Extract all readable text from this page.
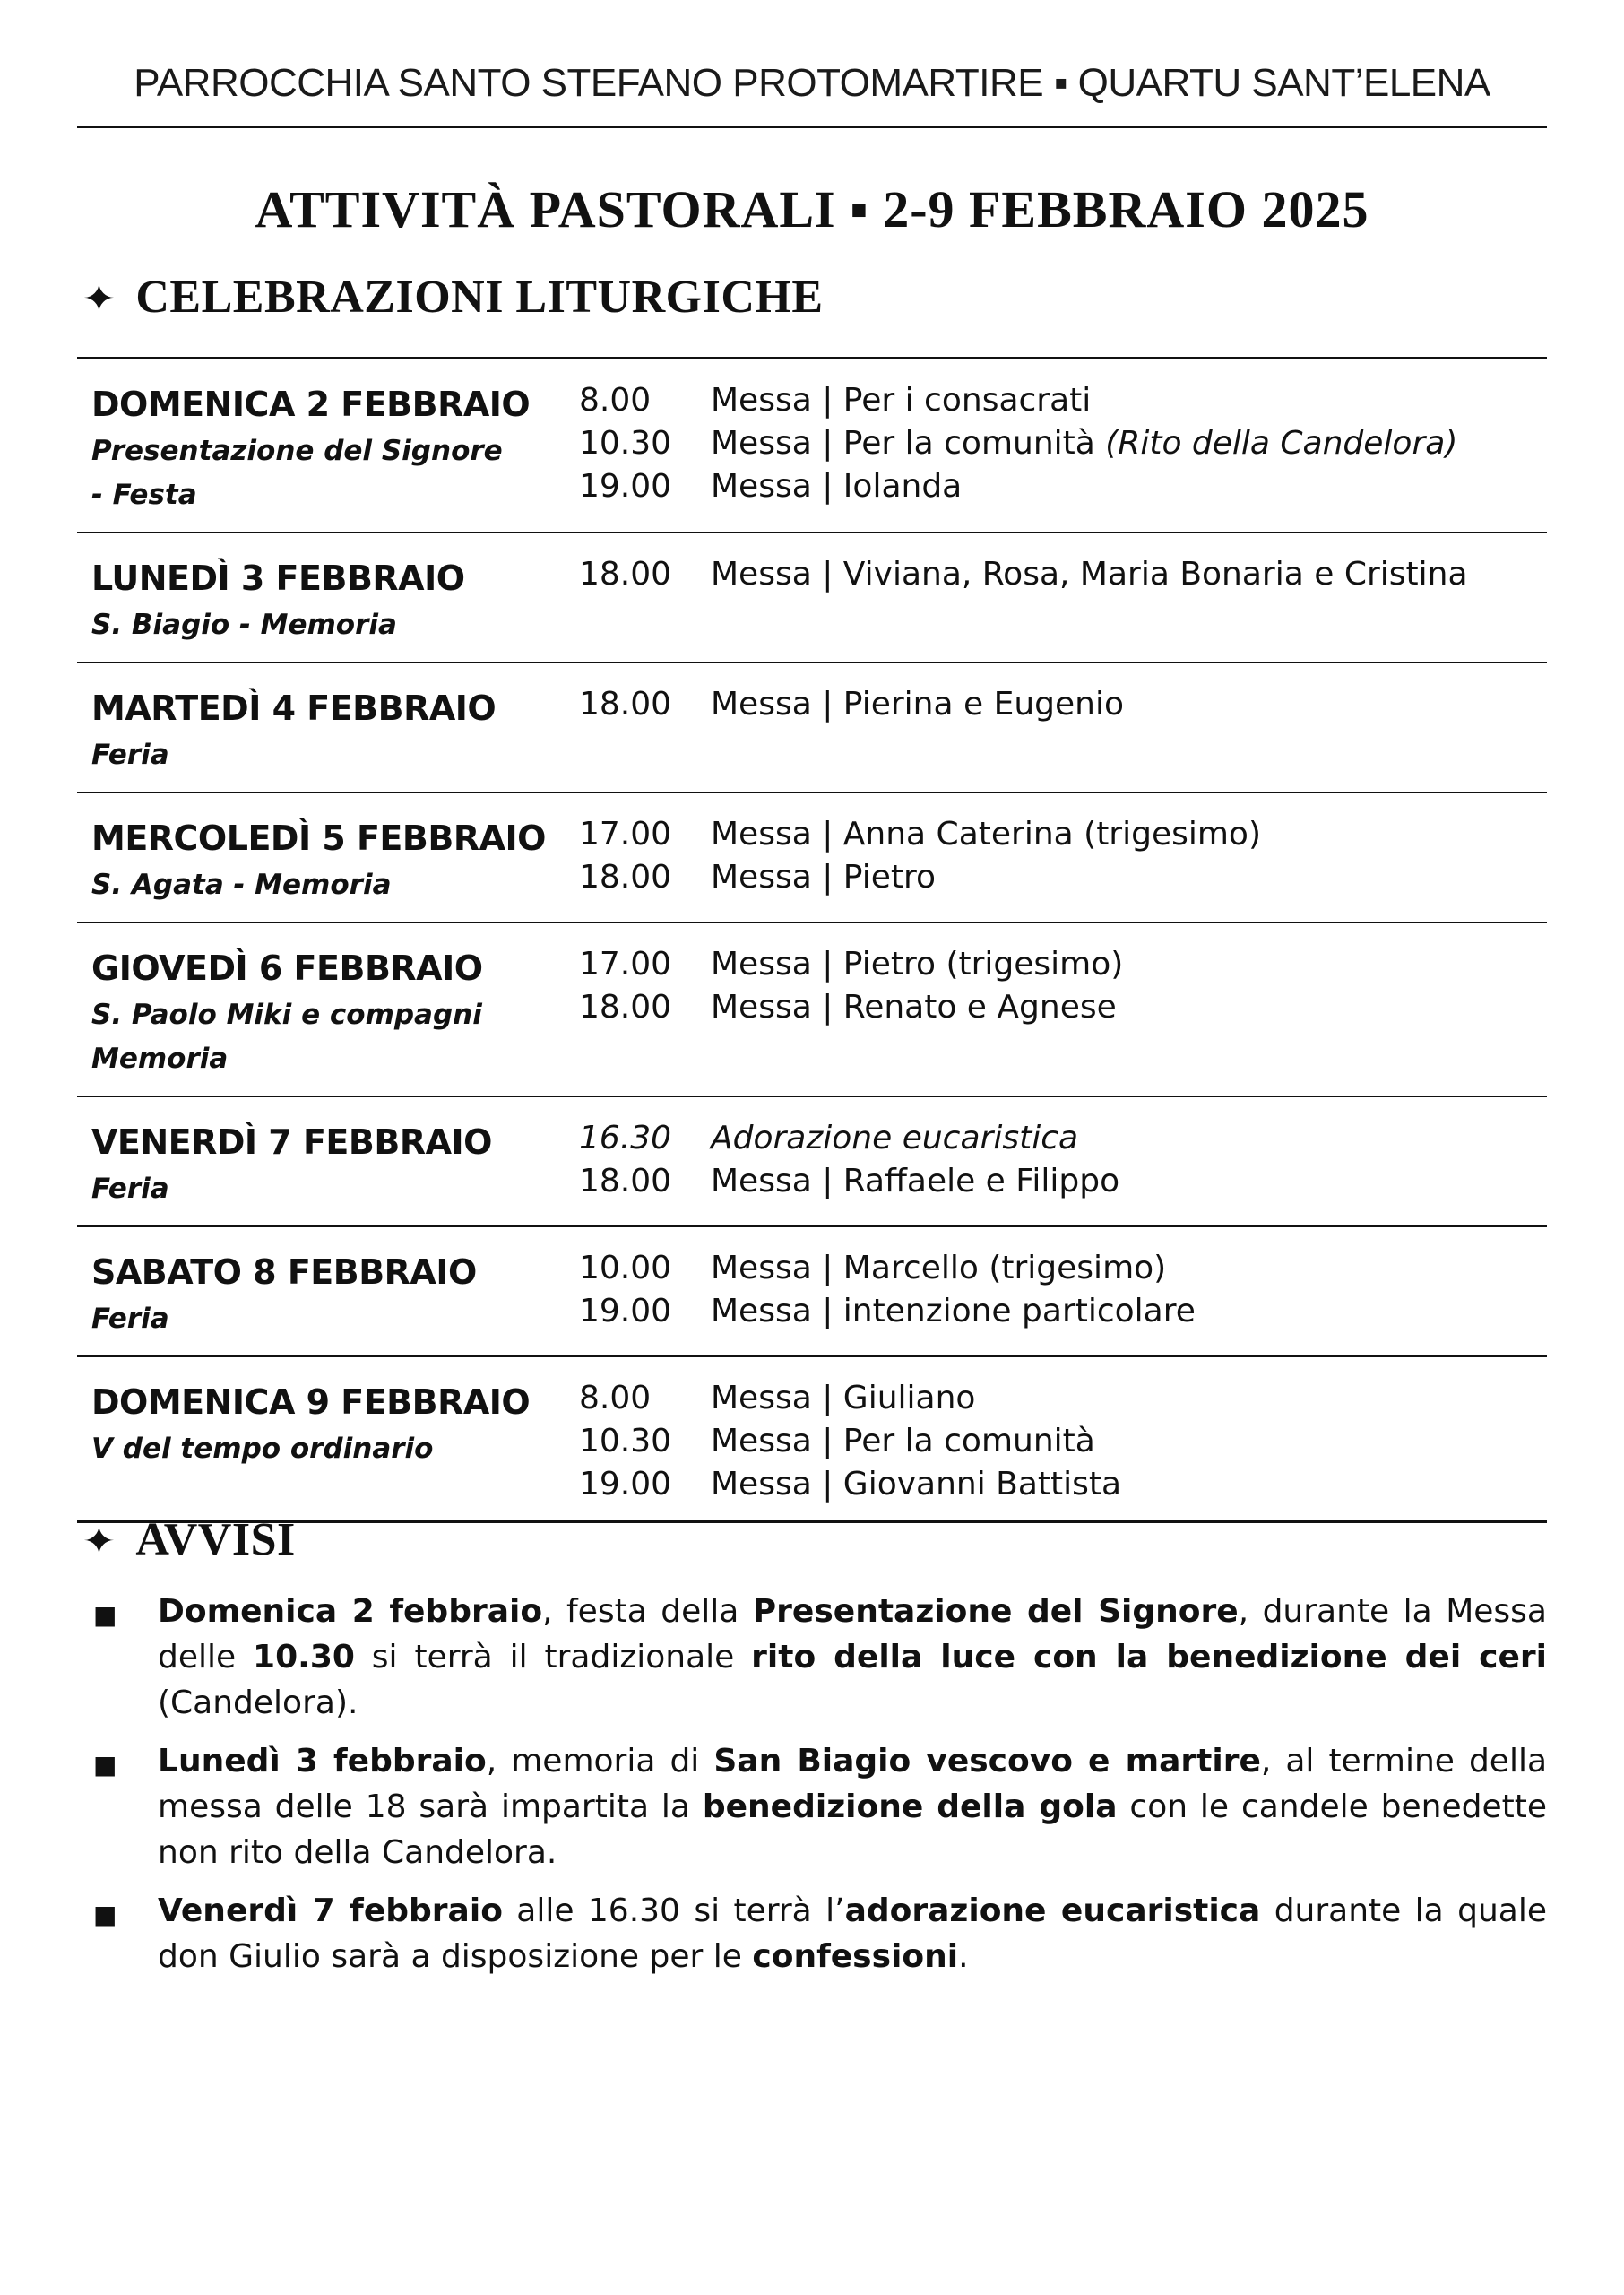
PARROCCHIA SANTO STEFANO PROTOMARTIRE ▪ QUARTU SANT’ELENA
ATTIVITÀ PASTORALI ▪ 2-9 FEBBRAIO 2025
✦ CELEBRAZIONI LITURGICHE
DOMENICA 2 FEBBRAIO
Presentazione del Signore - Festa
8.00	Messa | Per i consacrati
10.30	Messa | Per la comunità (Rito della Candelora)
19.00	Messa | Iolanda
LUNEDÌ 3 FEBBRAIO
S. Biagio - Memoria
18.00	Messa | Viviana, Rosa, Maria Bonaria e Cristina
MARTEDÌ 4 FEBBRAIO
Feria
18.00	Messa | Pierina e Eugenio
MERCOLEDÌ 5 FEBBRAIO
S. Agata - Memoria
17.00	Messa | Anna Caterina (trigesimo)
18.00	Messa | Pietro
GIOVEDÌ 6 FEBBRAIO
S. Paolo Miki e compagni Memoria
17.00	Messa | Pietro (trigesimo)
18.00	Messa | Renato e Agnese
VENERDÌ 7 FEBBRAIO
Feria
16.30	Adorazione eucaristica
18.00	Messa | Raffaele e Filippo
SABATO 8 FEBBRAIO
Feria
10.00	Messa | Marcello (trigesimo)
19.00	Messa | intenzione particolare
DOMENICA 9 FEBBRAIO
V del tempo ordinario
8.00	Messa | Giuliano
10.30	Messa | Per la comunità
19.00	Messa | Giovanni Battista
✦ AVVISI
■	Domenica 2 febbraio, festa della Presentazione del Signore, durante la Messa delle 10.30 si terrà il tradizionale rito della luce con la benedizione dei ceri (Candelora).
■	Lunedì 3 febbraio, memoria di San Biagio vescovo e martire, al termine della messa delle 18 sarà impartita la benedizione della gola con le candele benedette non rito della Candelora.
■	Venerdì 7 febbraio alle 16.30 si terrà l’adorazione eucaristica durante la quale don Giulio sarà a disposizione per le confessioni.
